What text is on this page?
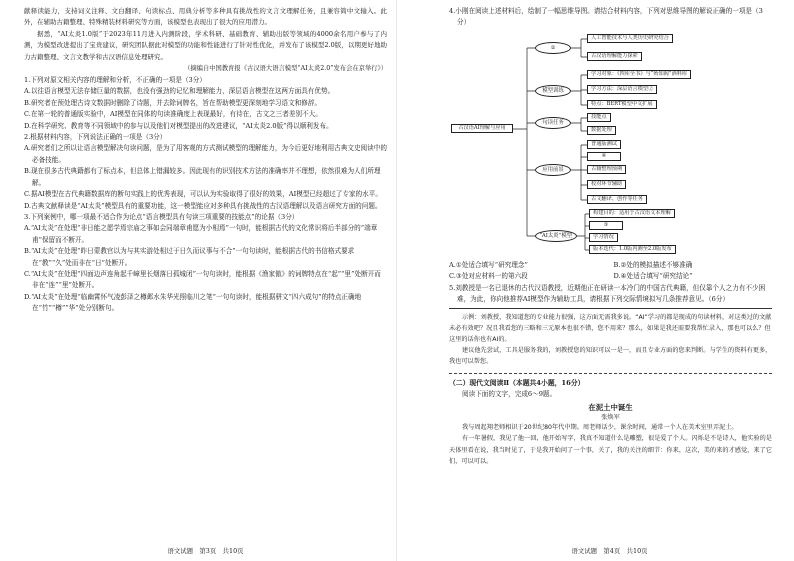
献释读能力，支持词义注释、文白翻译、句读标点、用典分析等多种具有挑战性的文言文理解任务，且兼容简中文输入。此外，在辅助古籍整理、特殊精装材料研究等方面，该模型也表现出了很大的应用潜力。

据悉，“AI太炎1.0版”于2023年11月进入内测阶段，学术科研、基础教育、辅助出版等领域的4000余名用户参与了内测，为模型改进提出了宝贵建议，研究团队据此对模型的功能和性能进行了针对性优化，并发布了该模型2.0版，以期更好地助力古籍整理、文言文教学和古汉语信息处理研究。

（摘编自中国教育报《古汉语大语言模型“AI太炎2.0”发布会在京举行》）

1.下列对原文相关内容的理解和分析，不正确的一项是（3分）

A.以往语言模型无法存储巨量的数据，也没有强劲的记忆和理解能力，深层语言模型在这两方面具有优势。

B.研究者在预处理古诗文数据时删除了诗题，并去除词牌名，旨在帮助模型更深刻地学习语文和修辞。

C.在第一轮的普通版实验中，AI模型在同体的句读准确度上表现最好，有待在，古文之三者差别不大。

D.在科学研究、教育等不同领域中的参与以及他们对模型提出的改进建议，“AI太炎2.0版”得以顺利发布。

2.根据材料内容，下列说法正确的一项是（3分）

A.研究者们之所以让语言模型解决句读问题，是为了用客观的方式测试模型的理解能力，为今后更好地利用古典文史阅读中的必备技能。

B.现在很多古代典籍都有了标点本，但总体上错漏较多。因此现有的识别技术方法的准确率并不理想，依然很难为人们所理解。

C.据AI模型在古代典籍数据库的断句实践上的优秀表现，可以认为实验取得了很好的效果，AI模型已经超过了专家的水平。

D.古典文献释读是“AI太炎”模型具有的重要功能，这一模型能应对多种具有挑战性的古汉语理解以及语言研究方面的问题。

3.下列案例中，哪一项最不适合作为论点“语言模型具有句读三项重要的技能点”的论据（3分）

A.“AI太炎”在处理“非日能之愿学焉宗庙之事如会同端章甫愿为小相焉”一句时，能根据古代的文化常识将后半部分的“端章甫”保留而不断开。

B.“AI太炎”在处理“昨日蒙教官以为与其实游处相过于日久而议事与不合”一句句读时，能根据古代的书信格式要求在“教”“久”处而非在“日”处断开。

C.“AI太炎”在处理“四面边声连角起千嶂里长烟落日孤城闭”一句句读时，能根据《渔家傲》的词牌特点在“起”“里”处断开而非在“连”“里”处断开。

D.“AI太炎”在处理“临幽霄怀气凌彭泽之樽邺水朱华光照临川之笔”一句句读时，能根据骈文“四六成句”的特点正确地在“竹”“樽”“华”处分别断句。

语文试题　第3页　共10页

4.小刚在阅读上述材料后，绘制了一幅思维导图。请结合材料内容，下列对思维导图的解说正确的一项是（3分）

古汉语AI理解与应用
①
人工智能技术与人类历史研究结合
古汉语理解能力探索
模型训练
学习对象：《四库全书》与“殆知阁”酒料库
学习方法：深层语言模型②
特点：BERT模型中文扩展
句读任务
技能点
数据处理
应用前景
普通版测试
④
古籍整理预期
校对环节辅助
古文翻译、创作等任务
“AI太炎”模型
构建目的：适用于古汉语文本理解
③
学习情况
版本迭代：1.0版内测至2.0版发布

A.①处适合填写“研究理念”	B.②处的模拟描述不够准确

C.③处对应材料一的第六段	D.④处适合填写“研究结论”

5.刘教授是一名已退休的古代汉语教授，近期他正在研读一本冷门的中国古代典籍，但仅靠个人之力有不少困难，为此，你向他推荐AI模型作为辅助工具，请根据下列交际情境拟写几条推荐意见。（6分）

示例：刘教授，我知道您的专业能力很强，这方面无需我多说。“AI”学习的都是现成的句读材料，对这类过的文献未必有效吧？况且我看您的三略和三元原本也很不错，您不用来？那么，如果是我还需要我帮忙录入，那也可以么？但这里的话你也有AI的。

建议他先尝试，工具是服务我的，刘教授您的知识可以一是一，而且专业方面的您来判断。与学生的资料有更多，我也可以帮您。

（二）现代文阅读Ⅱ（本题共4小题，16分）

阅读下面的文字，完成6～9题。

在泥土中诞生

张焕军

我与周起翔老师相识于20世纪80年代中期。周老师话少，课余时间，通常一个人在美术室里弄泥土。

有一年暑假，我见了他一回，他开始写字，我真不知道什么是雕塑，很是爱了个人。闪烁是不是诗人，他实验的是天体里看在说，我当时见了，于是我开始问了一个事，关了，我的关注的细节：你来，这次，美的来的才感觉，来了它们，可以可以。

语文试题　第4页　共10页
